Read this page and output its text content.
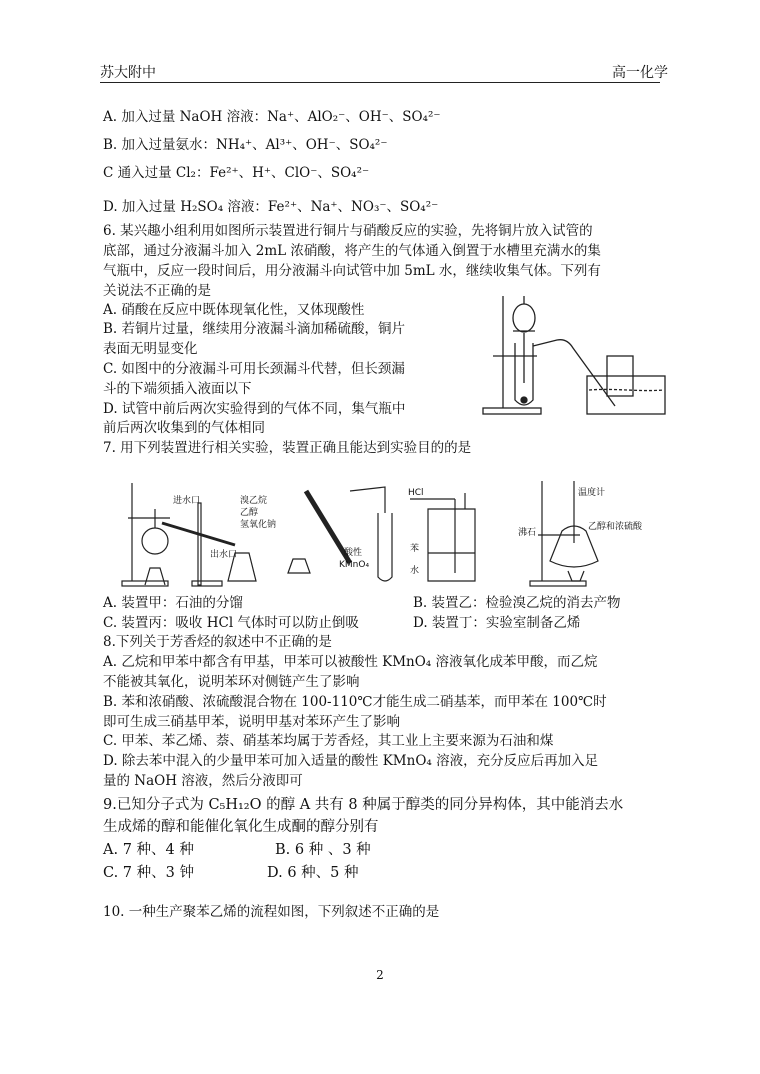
苏大附中	高一化学
A. 加入过量 NaOH 溶液：Na⁺、AlO₂⁻、OH⁻、SO₄²⁻
B. 加入过量氨水：NH₄⁺、Al³⁺、OH⁻、SO₄²⁻
C 通入过量 Cl₂：Fe²⁺、H⁺、ClO⁻、SO₄²⁻
D. 加入过量 H₂SO₄ 溶液：Fe²⁺、Na⁺、NO₃⁻、SO₄²⁻
6. 某兴趣小组利用如图所示装置进行铜片与硝酸反应的实验，先将铜片放入试管的
底部，通过分液漏斗加入 2mL 浓硝酸，将产生的气体通入倒置于水槽里充满水的集
气瓶中，反应一段时间后，用分液漏斗向试管中加 5mL 水，继续收集气体。下列有
关说法不正确的是
A. 硝酸在反应中既体现氧化性，又体现酸性
B. 若铜片过量，继续用分液漏斗滴加稀硫酸，铜片
表面无明显变化
C. 如图中的分液漏斗可用长颈漏斗代替，但长颈漏
斗的下端须插入液面以下
D. 试管中前后两次实验得到的气体不同，集气瓶中
前后两次收集到的气体相同
7. 用下列装置进行相关实验，装置正确且能达到实验目的的是
进水口
出水口
溴乙烷
乙醇
氢氧化钠
酸性
KMnO₄
HCl
苯
水
温度计
乙醇和浓硫酸
沸石
A. 装置甲：石油的分馏	B. 装置乙：检验溴乙烷的消去产物
C. 装置丙：吸收 HCl 气体时可以防止倒吸	D. 装置丁：实验室制备乙烯
8.下列关于芳香烃的叙述中不正确的是
A. 乙烷和甲苯中都含有甲基，甲苯可以被酸性 KMnO₄ 溶液氧化成苯甲酸，而乙烷
不能被其氧化，说明苯环对侧链产生了影响
B. 苯和浓硝酸、浓硫酸混合物在 100-110℃才能生成二硝基苯，而甲苯在 100℃时
即可生成三硝基甲苯，说明甲基对苯环产生了影响
C. 甲苯、苯乙烯、萘、硝基苯均属于芳香烃，其工业上主要来源为石油和煤
D. 除去苯中混入的少量甲苯可加入适量的酸性 KMnO₄ 溶液，充分反应后再加入足
量的 NaOH 溶液，然后分液即可
9.已知分子式为 C₅H₁₂O 的醇 A 共有 8 种属于醇类的同分异构体，其中能消去水
生成烯的醇和能催化氧化生成酮的醇分别有
A. 7 种、4 种	B. 6 种 、3 种
C. 7 种、3 钟	D. 6 种、5 种
10. 一种生产聚苯乙烯的流程如图，下列叙述不正确的是
2
